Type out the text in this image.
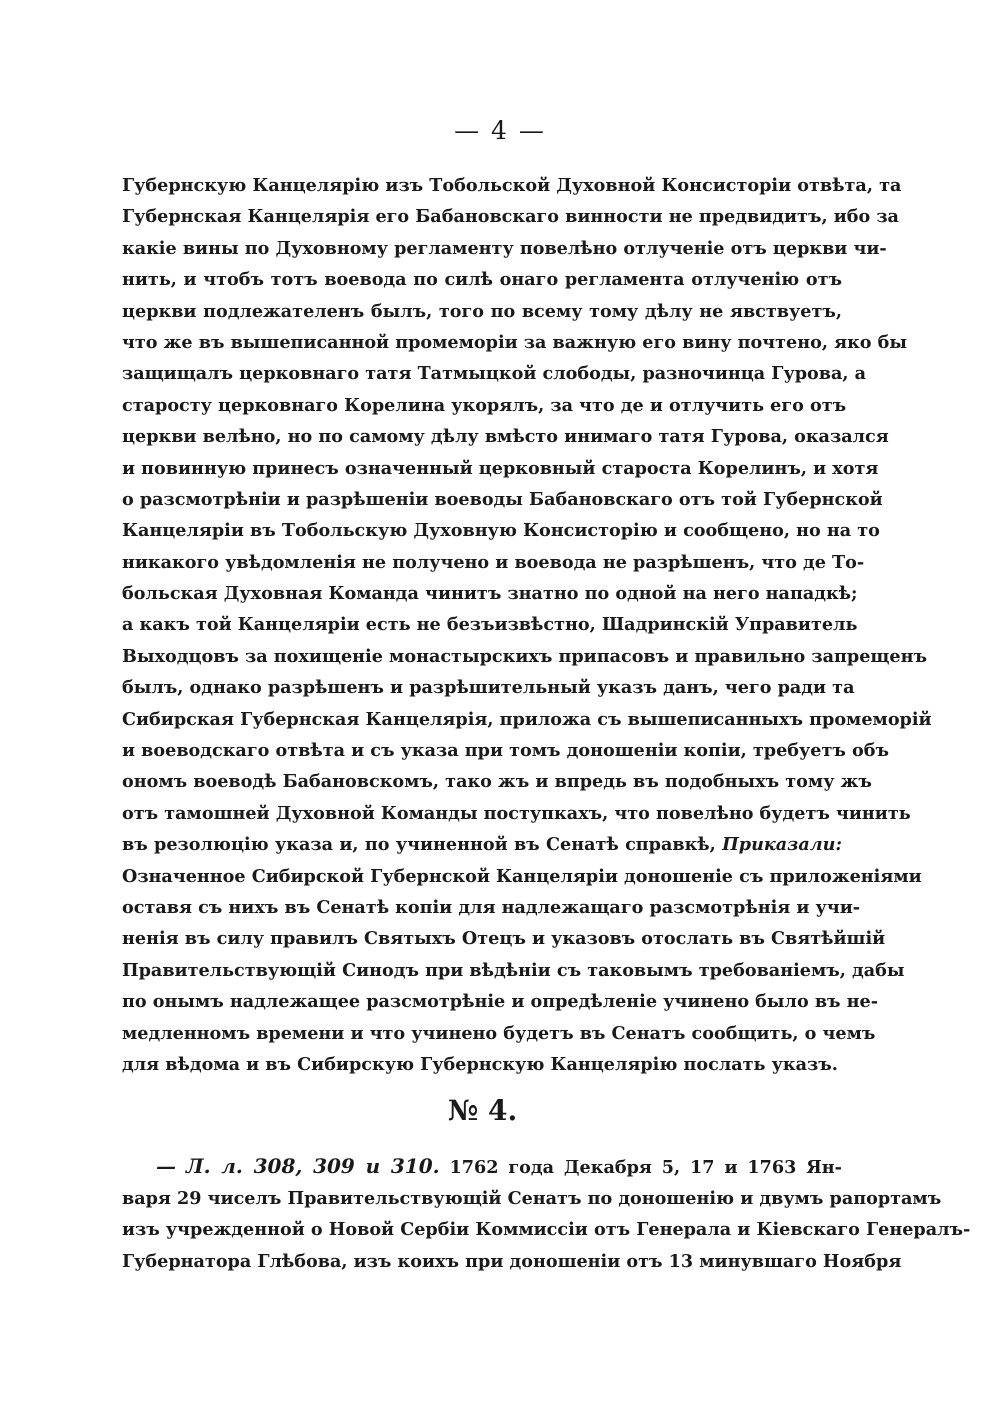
— 4 —
Губернскую Канцелярію изъ Тобольской Духовной Консисторіи отвѣта, та
Губернская Канцелярія его Бабановскаго винности не предвидитъ, ибо за
какіе вины по Духовному регламенту повелѣно отлученіе отъ церкви чи-
нить, и чтобъ тотъ воевода по силѣ онаго регламента отлученію отъ
церкви подлежателенъ былъ, того по всему тому дѣлу не явствуетъ,
что же въ вышеписанной промеморіи за важную его вину почтено, яко бы
защищалъ церковнаго татя Татмыцкой слободы, разночинца Гурова, а
старосту церковнаго Корелина укорялъ, за что де и отлучить его отъ
церкви велѣно, но по самому дѣлу вмѣсто инимаго татя Гурова, оказался
и повинную принесъ означенный церковный староста Корелинъ, и хотя
о разсмотрѣніи и разрѣшеніи воеводы Бабановскаго отъ той Губернской
Канцеляріи въ Тобольскую Духовную Консисторію и сообщено, но на то
никакого увѣдомленія не получено и воевода не разрѣшенъ, что де То-
больская Духовная Команда чинитъ знатно по одной на него нападкѣ;
а какъ той Канцеляріи есть не безъизвѣстно, Шадринскій Управитель
Выходцовъ за похищеніе монастырскихъ припасовъ и правильно запрещенъ
былъ, однако разрѣшенъ и разрѣшительный указъ данъ, чего ради та
Сибирская Губернская Канцелярія, приложа съ вышеписанныхъ промеморій
и воеводскаго отвѣта и съ указа при томъ доношеніи копіи, требуетъ объ
ономъ воеводѣ Бабановскомъ, тако жъ и впредь въ подобныхъ тому жъ
отъ тамошней Духовной Команды поступкахъ, что повелѣно будетъ чинить
въ резолюцію указа и, по учиненной въ Сенатѣ справкѣ, Приказали:
Означенное Сибирской Губернской Канцеляріи доношеніе съ приложеніями
оставя съ нихъ въ Сенатѣ копіи для надлежащаго разсмотрѣнія и учи-
ненія въ силу правилъ Святыхъ Отецъ и указовъ отослать въ Святѣйшій
Правительствующій Синодъ при вѣдѣніи съ таковымъ требованіемъ, дабы
по онымъ надлежащее разсмотрѣніе и опредѣленіе учинено было въ не-
медленномъ времени и что учинено будетъ въ Сенатъ сообщить, о чемъ
для вѣдома и въ Сибирскую Губернскую Канцелярію послать указъ.
№ 4.
— Л. л. 308, 309 и 310. 1762 года Декабря 5, 17 и 1763 Ян-
варя 29 чиселъ Правительствующій Сенатъ по доношенію и двумъ рапортамъ
изъ учрежденной о Новой Сербіи Коммиссіи отъ Генерала и Кіевскаго Генералъ-
Губернатора Глѣбова, изъ коихъ при доношеніи отъ 13 минувшаго Ноября
